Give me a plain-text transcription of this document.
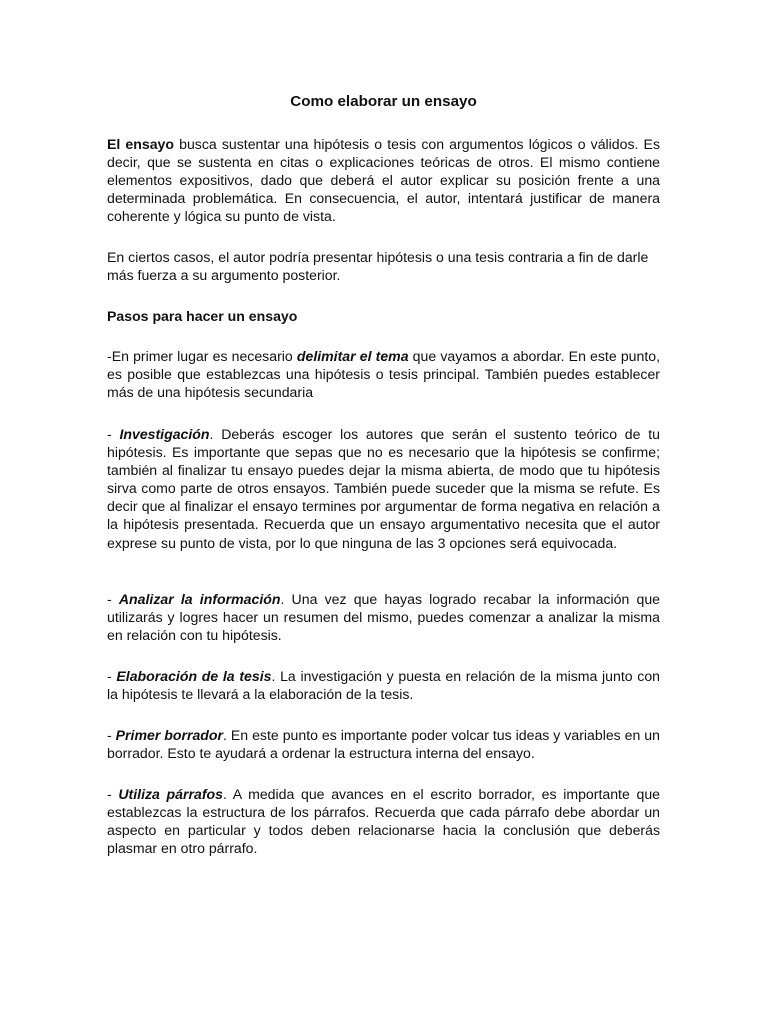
Como elaborar un ensayo

El ensayo busca sustentar una hipótesis o tesis con argumentos lógicos o válidos. Es decir, que se sustenta en citas o explicaciones teóricas de otros. El mismo contiene elementos expositivos, dado que deberá el autor explicar su posición frente a una determinada problemática. En consecuencia, el autor, intentará justificar de manera coherente y lógica su punto de vista.

En ciertos casos, el autor podría presentar hipótesis o una tesis contraria a fin de darle más fuerza a su argumento posterior.

Pasos para hacer un ensayo

-En primer lugar es necesario delimitar el tema que vayamos a abordar. En este punto, es posible que establezcas una hipótesis o tesis principal. También puedes establecer más de una hipótesis secundaria

- Investigación. Deberás escoger los autores que serán el sustento teórico de tu hipótesis. Es importante que sepas que no es necesario que la hipótesis se confirme; también al finalizar tu ensayo puedes dejar la misma abierta, de modo que tu hipótesis sirva como parte de otros ensayos. También puede suceder que la misma se refute. Es decir que al finalizar el ensayo termines por argumentar de forma negativa en relación a la hipótesis presentada. Recuerda que un ensayo argumentativo necesita que el autor exprese su punto de vista, por lo que ninguna de las 3 opciones será equivocada.

- Analizar la información. Una vez que hayas logrado recabar la información que utilizarás y logres hacer un resumen del mismo, puedes comenzar a analizar la misma en relación con tu hipótesis.

- Elaboración de la tesis. La investigación y puesta en relación de la misma junto con la hipótesis te llevará a la elaboración de la tesis.

- Primer borrador. En este punto es importante poder volcar tus ideas y variables en un borrador. Esto te ayudará a ordenar la estructura interna del ensayo.

- Utiliza párrafos. A medida que avances en el escrito borrador, es importante que establezcas la estructura de los párrafos. Recuerda que cada párrafo debe abordar un aspecto en particular y todos deben relacionarse hacia la conclusión que deberás plasmar en otro párrafo.
